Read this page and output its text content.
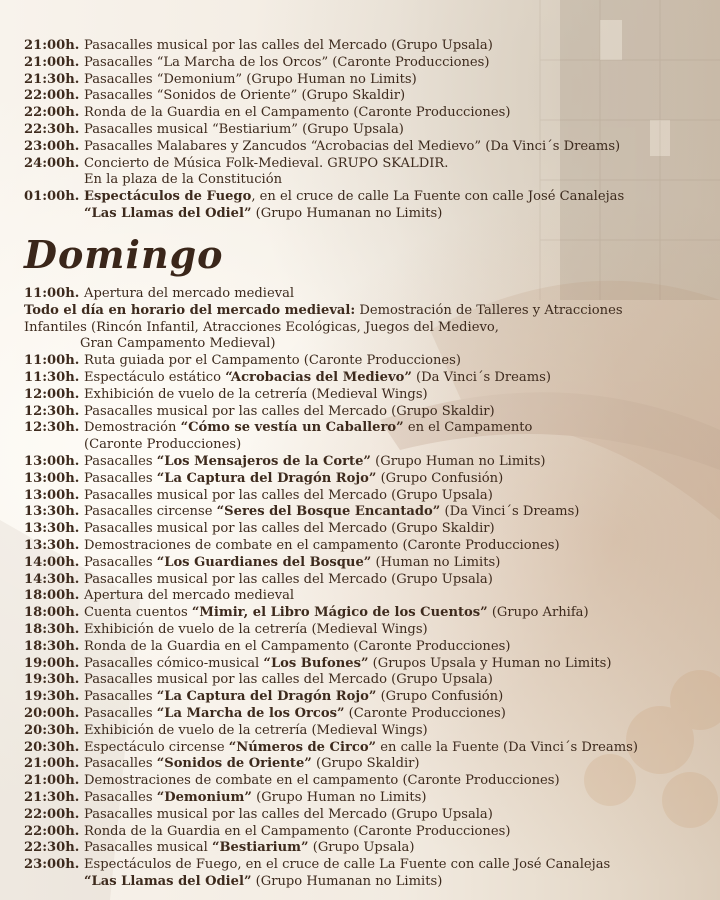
21:00h. Pasacalles musical por las calles del Mercado (Grupo Upsala)
21:00h. Pasacalles “La Marcha de los Orcos” (Caronte Producciones)
21:30h. Pasacalles “Demonium” (Grupo Human no Limits)
22:00h. Pasacalles “Sonidos de Oriente” (Grupo Skaldir)
22:00h. Ronda de la Guardia en el Campamento (Caronte Producciones)
22:30h. Pasacalles musical “Bestiarium” (Grupo Upsala)
23:00h. Pasacalles Malabares y Zancudos “Acrobacias del Medievo” (Da Vinci´s Dreams)
24:00h. Concierto de Música Folk-Medieval. GRUPO SKALDIR.
En la plaza de la Constitución
01:00h. Espectáculos de Fuego, en el cruce de calle La Fuente con calle José Canalejas
“Las Llamas del Odiel” (Grupo Humanan no Limits)
Domingo
11:00h. Apertura del mercado medieval
Todo el día en horario del mercado medieval: Demostración de Talleres y Atracciones
Infantiles (Rincón Infantil, Atracciones Ecológicas, Juegos del Medievo,
Gran Campamento Medieval)
11:00h. Ruta guiada por el Campamento (Caronte Producciones)
11:30h. Espectáculo estático “Acrobacias del Medievo” (Da Vinci´s Dreams)
12:00h. Exhibición de vuelo de la cetrería (Medieval Wings)
12:30h. Pasacalles musical por las calles del Mercado (Grupo Skaldir)
12:30h. Demostración “Cómo se vestía un Caballero” en el Campamento
(Caronte Producciones)
13:00h. Pasacalles “Los Mensajeros de la Corte” (Grupo Human no Limits)
13:00h. Pasacalles “La Captura del Dragón Rojo” (Grupo Confusión)
13:00h. Pasacalles musical por las calles del Mercado (Grupo Upsala)
13:30h. Pasacalles circense “Seres del Bosque Encantado” (Da Vinci´s Dreams)
13:30h. Pasacalles musical por las calles del Mercado (Grupo Skaldir)
13:30h. Demostraciones de combate en el campamento (Caronte Producciones)
14:00h. Pasacalles “Los Guardianes del Bosque” (Human no Limits)
14:30h. Pasacalles musical por las calles del Mercado (Grupo Upsala)
18:00h. Apertura del mercado medieval
18:00h. Cuenta cuentos “Mimir, el Libro Mágico de los Cuentos” (Grupo Arhifa)
18:30h. Exhibición de vuelo de la cetrería (Medieval Wings)
18:30h. Ronda de la Guardia en el Campamento (Caronte Producciones)
19:00h. Pasacalles cómico-musical “Los Bufones” (Grupos Upsala y Human no Limits)
19:30h. Pasacalles musical por las calles del Mercado (Grupo Upsala)
19:30h. Pasacalles “La Captura del Dragón Rojo” (Grupo Confusión)
20:00h. Pasacalles “La Marcha de los Orcos” (Caronte Producciones)
20:30h. Exhibición de vuelo de la cetrería (Medieval Wings)
20:30h. Espectáculo circense “Números de Circo” en calle la Fuente (Da Vinci´s Dreams)
21:00h. Pasacalles “Sonidos de Oriente” (Grupo Skaldir)
21:00h. Demostraciones de combate en el campamento (Caronte Producciones)
21:30h. Pasacalles “Demonium” (Grupo Human no Limits)
22:00h. Pasacalles musical por las calles del Mercado (Grupo Upsala)
22:00h. Ronda de la Guardia en el Campamento (Caronte Producciones)
22:30h. Pasacalles musical “Bestiarium” (Grupo Upsala)
23:00h. Espectáculos de Fuego, en el cruce de calle La Fuente con calle José Canalejas
“Las Llamas del Odiel” (Grupo Humanan no Limits)
